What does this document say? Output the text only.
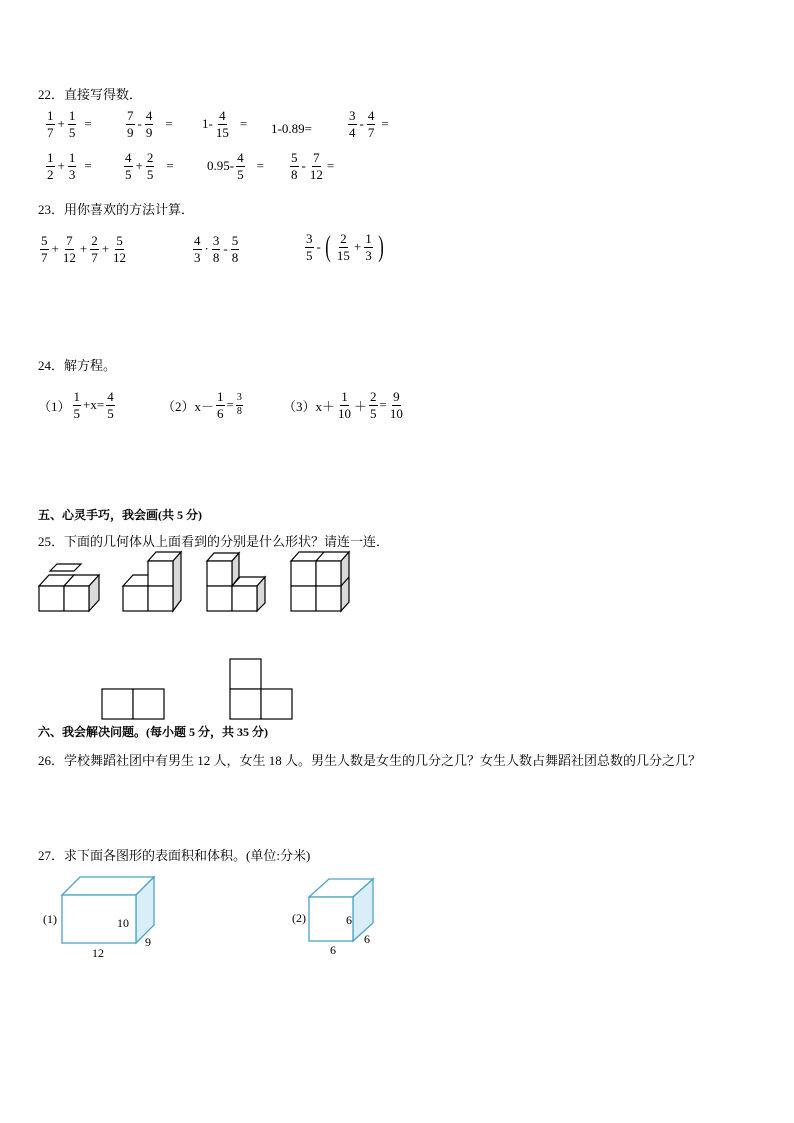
22．直接写得数．
1
7
+ $\frac{1}{5}$ =
7
9
- $\frac{4}{9} = 1- \frac{4}{15} = 1-0.89=$
3
4
- $\frac{4}{7}$ =
1
2
+ $\frac{1}{3}$ =
4
5
+ $\frac{2}{5}$ =	$0.95- \frac{4}{5}$ =
5
8
- $\frac{7}{12}$ =
23．用你喜欢的方法计算．
5
7
+ $\frac{7}{12} + \frac{2}{7} + \frac{5}{12}$	4
3
·
3
8
-
5
8
3
5
- ( 2
15
+ $\frac{1}{3}$ )
24．解方程。
（1）
1
5
$+x= \frac{4}{5}$	$(2)x- \frac{1}{6} = \frac{3}{8}$	（3）x＋
1
$10 + \frac{2}{5} = \frac{9}{10}$
五、心灵手巧，我会画(共 5 分)
25．下面的几何体从上面看到的分别是什么形状？请连一连．
六、我会解决问题。(每小题 5 分，共 35 分)
26．学校舞蹈社团中有男生 12 人，女生 18 人。男生人数是女生的几分之几？女生人数占舞蹈社团总数的几分之几？
27．求下面各图形的表面积和体积。(单位:分米)
(1)	10
12
9
(2)	6
6
6
